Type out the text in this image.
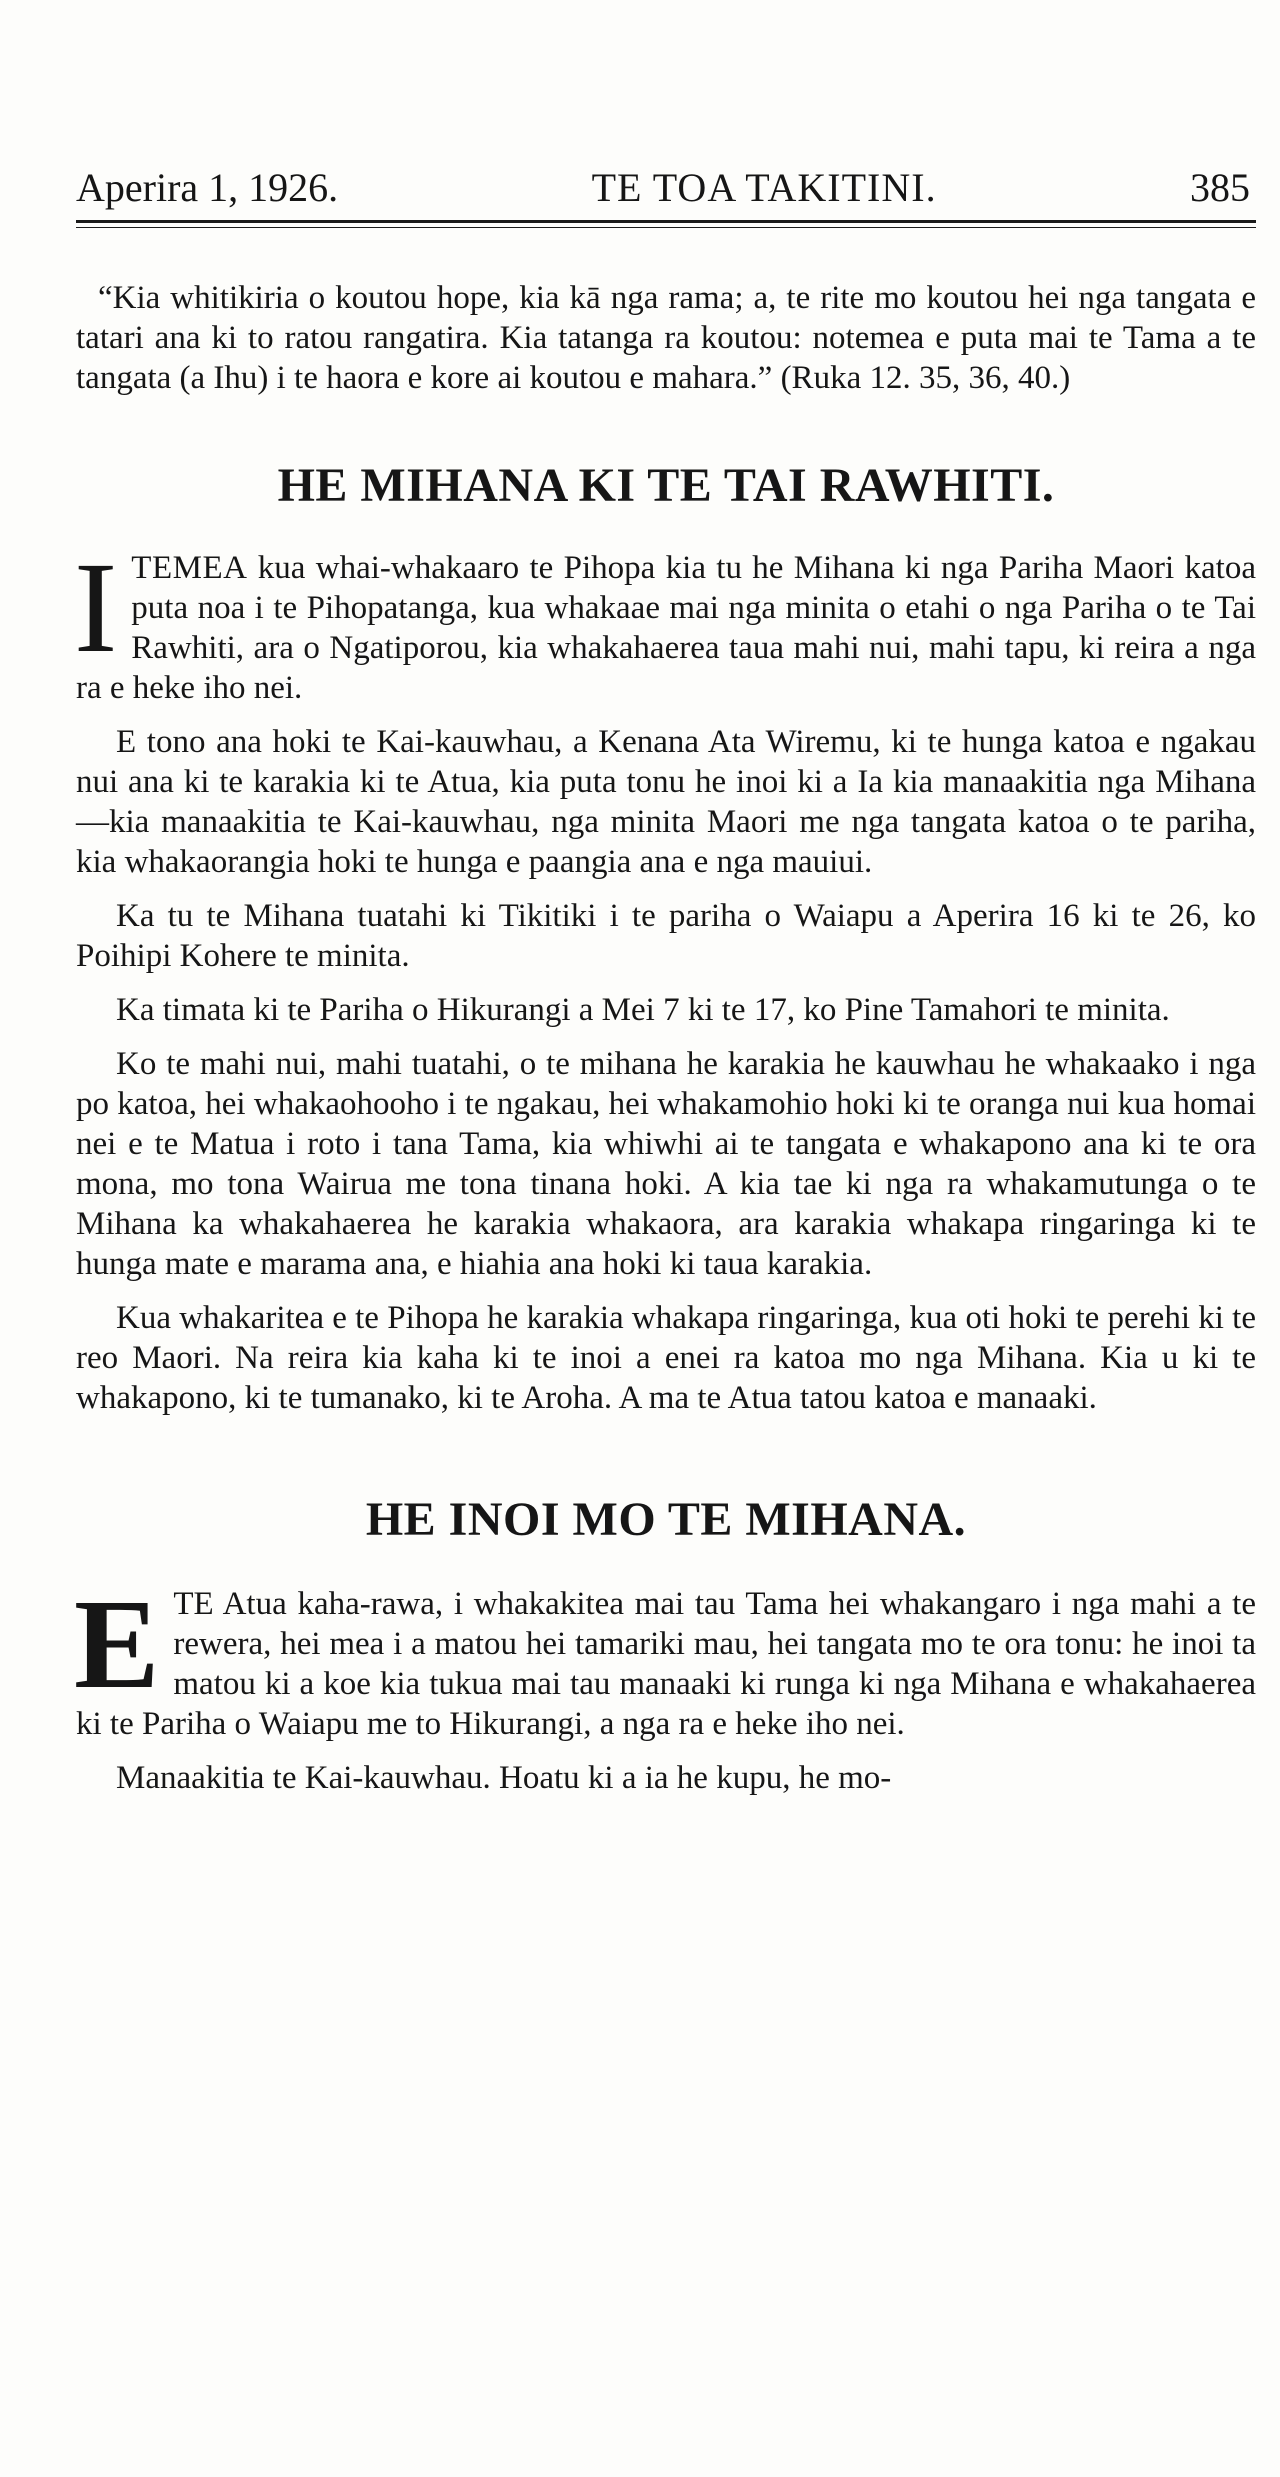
Aperira 1, 1926.	TE TOA TAKITINI.	385

“Kia whitikiria o koutou hope, kia kā nga rama; a, te rite mo koutou hei nga tangata e tatari ana ki to ratou rangatira. Kia tatanga ra koutou: notemea e puta mai te Tama a te tangata (a Ihu) i te haora e kore ai koutou e mahara.” (Ruka 12. 35, 36, 40.)

HE MIHANA KI TE TAI RAWHITI.

ITEMEA kua whai-whakaaro te Pihopa kia tu he Mihana ki nga Pariha Maori katoa puta noa i te Pihopatanga, kua whakaae mai nga minita o etahi o nga Pariha o te Tai Rawhiti, ara o Ngatiporou, kia whakahaerea taua mahi nui, mahi tapu, ki reira a nga ra e heke iho nei.

E tono ana hoki te Kai-kauwhau, a Kenana Ata Wiremu, ki te hunga katoa e ngakau nui ana ki te karakia ki te Atua, kia puta tonu he inoi ki a Ia kia manaakitia nga Mihana—kia manaakitia te Kai-kauwhau, nga minita Maori me nga tangata katoa o te pariha, kia whakaorangia hoki te hunga e paangia ana e nga mauiui.

Ka tu te Mihana tuatahi ki Tikitiki i te pariha o Waiapu a Aperira 16 ki te 26, ko Poihipi Kohere te minita.

Ka timata ki te Pariha o Hikurangi a Mei 7 ki te 17, ko Pine Tamahori te minita.

Ko te mahi nui, mahi tuatahi, o te mihana he karakia he kauwhau he whakaako i nga po katoa, hei whakaohooho i te ngakau, hei whakamohio hoki ki te oranga nui kua homai nei e te Matua i roto i tana Tama, kia whiwhi ai te tangata e whakapono ana ki te ora mona, mo tona Wairua me tona tinana hoki. A kia tae ki nga ra whakamutunga o te Mihana ka whakahaerea he karakia whakaora, ara karakia whakapa ringaringa ki te hunga mate e marama ana, e hiahia ana hoki ki taua karakia.

Kua whakaritea e te Pihopa he karakia whakapa ringaringa, kua oti hoki te perehi ki te reo Maori. Na reira kia kaha ki te inoi a enei ra katoa mo nga Mihana. Kia u ki te whakapono, ki te tumanako, ki te Aroha. A ma te Atua tatou katoa e manaaki.

HE INOI MO TE MIHANA.

E TE Atua kaha-rawa, i whakakitea mai tau Tama hei whakangaro i nga mahi a te rewera, hei mea i a matou hei tamariki mau, hei tangata mo te ora tonu: he inoi ta matou ki a koe kia tukua mai tau manaaki ki runga ki nga Mihana e whakahaerea ki te Pariha o Waiapu me to Hikurangi, a nga ra e heke iho nei.

Manaakitia te Kai-kauwhau. Hoatu ki a ia he kupu, he mo-
